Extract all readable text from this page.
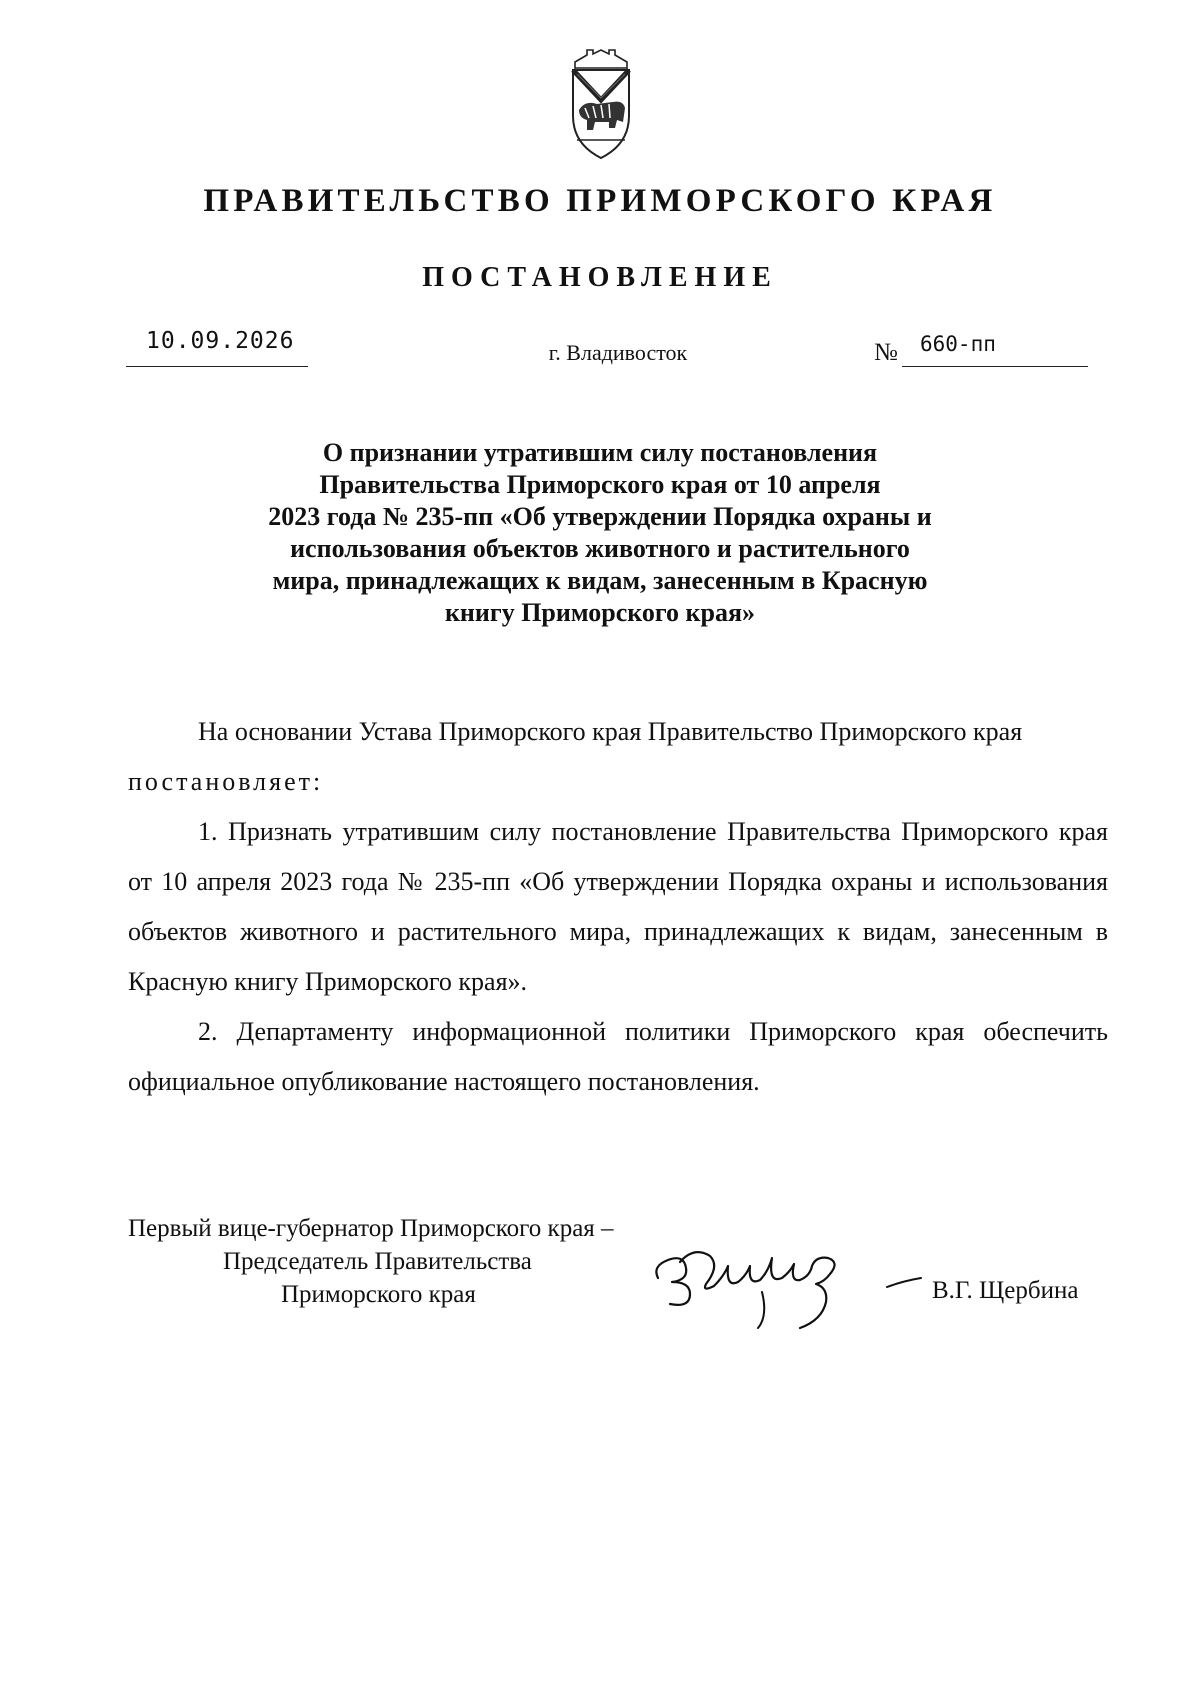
ПРАВИТЕЛЬСТВО ПРИМОРСКОГО КРАЯ
ПОСТАНОВЛЕНИЕ
10.09.2026	г. Владивосток	№ 660-пп
О признании утратившим силу постановления
Правительства Приморского края от 10 апреля
2023 года № 235-пп «Об утверждении Порядка охраны и
использования объектов животного и растительного
мира, принадлежащих к видам, занесенным в Красную
книгу Приморского края»

На основании Устава Приморского края Правительство Приморского края

постановляет:

1. Признать утратившим силу постановление Правительства Приморского края от 10 апреля 2023 года № 235-пп «Об утверждении Порядка охраны и использования объектов животного и растительного мира, принадлежащих к видам, занесенным в Красную книгу Приморского края».

2. Департаменту информационной политики Приморского края обеспечить официальное опубликование настоящего постановления.

Первый вице-губернатор Приморского края –
Председатель Правительства
Приморского края	В.Г. Щербина
